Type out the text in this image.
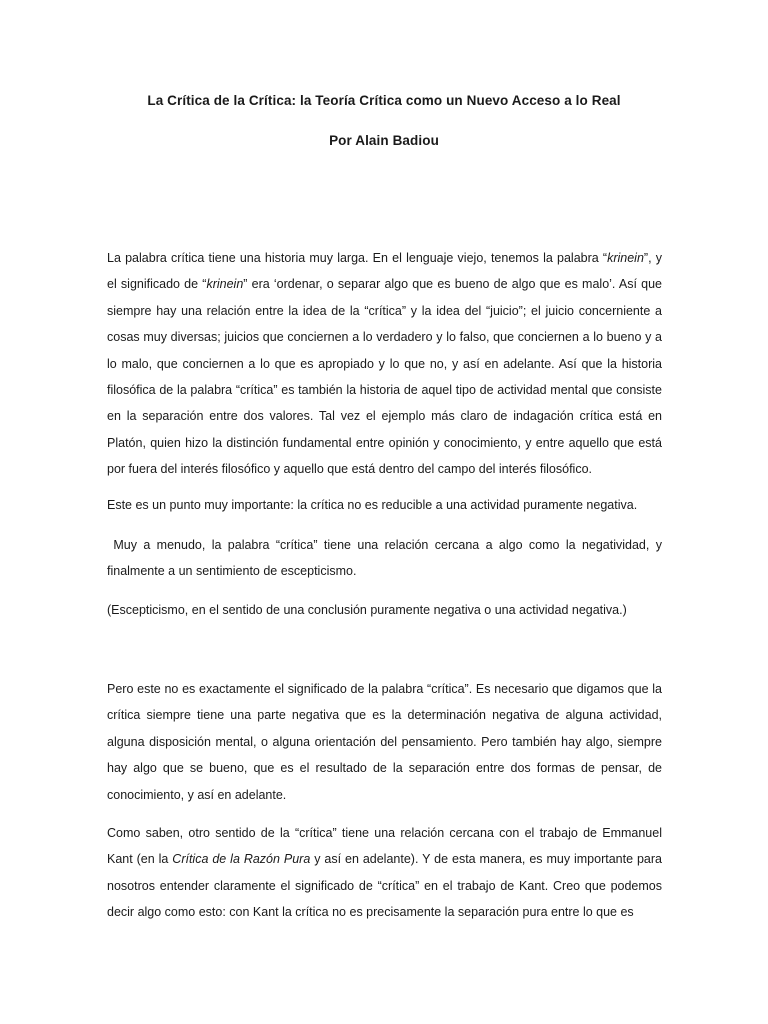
La Crítica de la Crítica: la Teoría Crítica como un Nuevo Acceso a lo Real
Por Alain Badiou

La palabra crítica tiene una historia muy larga. En el lenguaje viejo, tenemos la palabra “krinein”, y el significado de “krinein” era ‘ordenar, o separar algo que es bueno de algo que es malo’. Así que siempre hay una relación entre la idea de la “crítica” y la idea del “juicio”; el juicio concerniente a cosas muy diversas; juicios que conciernen a lo verdadero y lo falso, que conciernen a lo bueno y a lo malo, que conciernen a lo que es apropiado y lo que no, y así en adelante. Así que la historia filosófica de la palabra “crítica” es también la historia de aquel tipo de actividad mental que consiste en la separación entre dos valores. Tal vez el ejemplo más claro de indagación crítica está en Platón, quien hizo la distinción fundamental entre opinión y conocimiento, y entre aquello que está por fuera del interés filosófico y aquello que está dentro del campo del interés filosófico.

Este es un punto muy importante: la crítica no es reducible a una actividad puramente negativa.

Muy a menudo, la palabra “crítica” tiene una relación cercana a algo como la negatividad, y finalmente a un sentimiento de escepticismo.

(Escepticismo, en el sentido de una conclusión puramente negativa o una actividad negativa.)

Pero este no es exactamente el significado de la palabra “crítica”. Es necesario que digamos que la crítica siempre tiene una parte negativa que es la determinación negativa de alguna actividad, alguna disposición mental, o alguna orientación del pensamiento. Pero también hay algo, siempre hay algo que se bueno, que es el resultado de la separación entre dos formas de pensar, de conocimiento, y así en adelante.

Como saben, otro sentido de la “crítica” tiene una relación cercana con el trabajo de Emmanuel Kant (en la Crítica de la Razón Pura y así en adelante). Y de esta manera, es muy importante para nosotros entender claramente el significado de “crítica” en el trabajo de Kant. Creo que podemos decir algo como esto: con Kant la crítica no es precisamente la separación pura entre lo que es
